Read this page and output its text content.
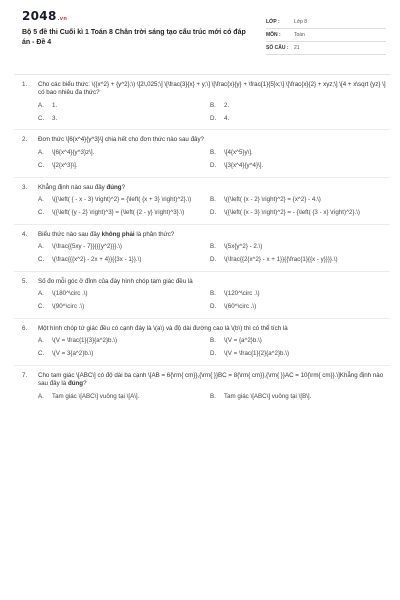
2048.vn
Bộ 5 đề thi Cuối kì 1 Toán 8 Chân trời sáng tạo cấu trúc mới có đáp án - Đề 4
LỚP :	Lớp 8
MÔN :	Toán
SỐ CÂU :	21
1.	Cho các biểu thức: \({x^2} + {y^2};\) \[2\,025;\] \[\frac{3}{x} + y;\] \[\frac{x}{y} + \frac{1}{5}x;\] \[\frac{x}{2} + xyz;\] \[4 + x\sqrt {yz} \] có bao nhiêu đa thức?
A.	1.	B.	2.
C.	3.	D.	4.
2.	Đơn thức \[6{x^4}{y^3}\] chia hết cho đơn thức nào sau đây?
A.	\[6{x^4}{y^3}z\].	B.	\[4{x^5}y\].
C.	\[2{x^3}\].	D.	\[3{x^4}{y^4}\].
3.	Khẳng định nào sau đây đúng?
A.	\({\left( { - x - 3} \right)^2} = {\left( {x + 3} \right)^2}.\)	B.	\({\left( {x - 2} \right)^2} = {x^2} - 4.\)
C.	\({\left( {y - 2} \right)^3} = {\left( {2 - y} \right)^3}.\)	D.	\({\left( {x - 3} \right)^2} = - {\left( {3 - x} \right)^2}.\)
4.	Biểu thức nào sau đây không phải là phân thức?
A.	\(\frac{{5xy - 7}}{{{y^2}}}.\)	B.	\(5x{y^2} - 2.\)
C.	\(\frac{{{x^2} - 2x + 4}}{{3x - 1}}.\)	D.	\(\frac{{2{x^2} - x + 1}}{{\frac{1}{{x - y}}}}.\)
5.	Số đo mỗi góc ở đỉnh của đáy hình chóp tam giác đều là
A.	\(180^\circ .\)	B.	\(120^\circ .\)
C.	\(90^\circ .\)	D.	\(60^\circ .\)
6.	Một hình chóp tứ giác đều có cạnh đáy là \(a\) và độ dài đường cao là \(b\) thì có thể tích là
A.	\(V = \frac{1}{3}{a^2}b.\)	B.	\(V = {a^2}b.\)
C.	\(V = 3{a^2}b.\)	D.	\(V = \frac{1}{2}{a^2}b.\)
7.	Cho tam giác \[ABC\] có độ dài ba cạnh \[AB = 6{\rm{ cm}},{\rm{ }}BC = 8{\rm{ cm}},{\rm{ }}AC = 10{\rm{ cm}}.\]Khẳng định nào sau đây là đúng?
A.	Tam giác \[ABC\] vuông tại \[A\].	B.	Tam giác \[ABC\] vuông tại \[B\].
